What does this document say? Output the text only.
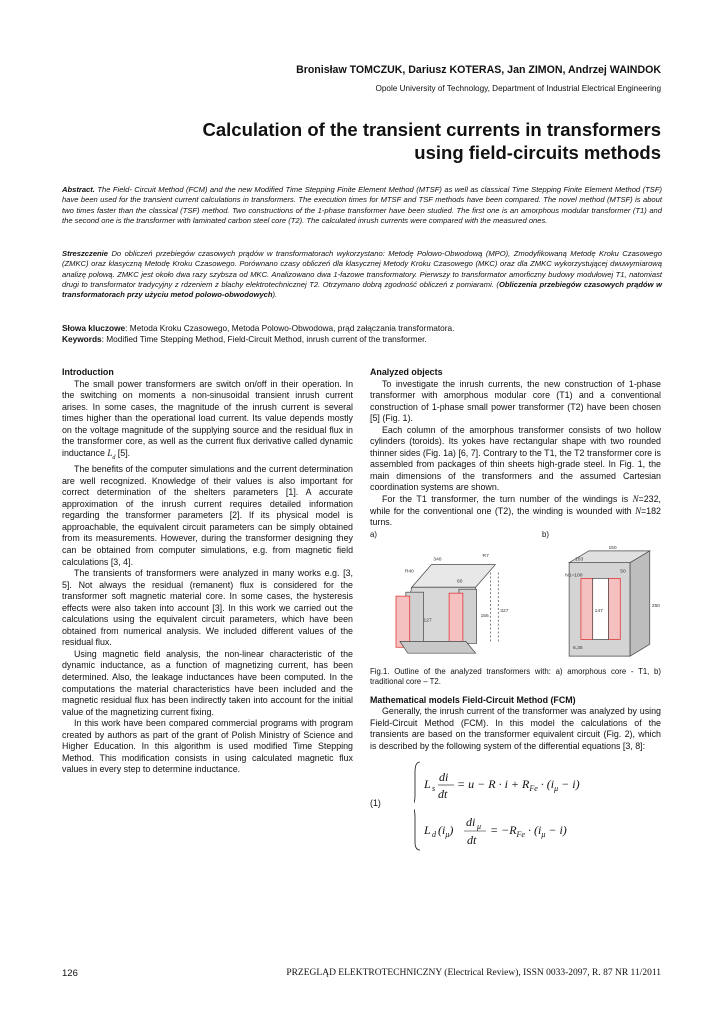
Bronisław TOMCZUK, Dariusz KOTERAS, Jan ZIMON, Andrzej WAINDOK
Opole University of Technology, Department of Industrial Electrical Engineering
Calculation of the transient currents in transformers
using field-circuits methods
Abstract. The Field- Circuit Method (FCM) and the new Modified Time Stepping Finite Element Method (MTSF) as well as classical Time Stepping Finite Element Method (TSF) have been used for the transient current calculations in transformers. The execution times for MTSF and TSF methods have been compared. The novel method (MTSF) is about two times faster than the classical (TSF) method. Two constructions of the 1-phase transformer have been studied. The first one is an amorphous modular transformer (T1) and the second one is the transformer with laminated carbon steel core (T2). The calculated inrush currents were compared with the measured ones.
Streszczenie Do obliczeń przebiegów czasowych prądów w transformatorach wykorzystano: Metodę Polowo-Obwodową (MPO), Zmodyfikowaną Metodę Kroku Czasowego (ZMKC) oraz klasyczną Metodę Kroku Czasowego. Porównano czasy obliczeń dla klasycznej Metody Kroku Czasowego (MKC) oraz dla ZMKC wykorzystującej dwuwymiarową analizę polową. ZMKC jest około dwa razy szybsza od MKC. Analizowano dwa 1-fazowe transformatory. Pierwszy to transformator amorficzny budowy modułowej T1, natomiast drugi to transformator tradycyjny z rdzeniem z blachy elektrotechnicznej T2. Otrzymano dobrą zgodność obliczeń z pomiarami. (Obliczenia przebiegów czasowych prądów w transformatorach przy użyciu metod polowo-obwodowych).
Słowa kluczowe: Metoda Kroku Czasowego, Metoda Polowo-Obwodowa, prąd załączania transformatora.
Keywords: Modified Time Stepping Method, Field-Circuit Method, inrush current of the transformer.
Introduction

The small power transformers are switch on/off in their operation. In the switching on moments a non-sinusoidal transient inrush current arises. In some cases, the magnitude of the inrush current is several times higher than the operational load current. Its value depends mostly on the voltage magnitude of the supplying source and the residual flux in the transformer core, as well as the current flux derivative called dynamic inductance $L_d$ [5].

The benefits of the computer simulations and the current determination are well recognized. Knowledge of their values is also important for correct determination of the shelters parameters [1]. A accurate approximation of the inrush current requires detailed information regarding the transformer parameters [2]. If its physical model is approachable, the equivalent circuit parameters can be simply obtained from its measurements. However, during the transformer designing they can be obtained from computer simulations, e.g. from magnetic field calculations [3, 4].

The transients of transformers were analyzed in many works e.g. [3, 5]. Not always the residual (remanent) flux is considered for the transformer soft magnetic material core. In some cases, the hysteresis effects were also taken into account [3]. In this work we carried out the calculations using the equivalent circuit parameters, which have been obtained from numerical analysis. We included different values of the residual flux.

Using magnetic field analysis, the non-linear characteristic of the dynamic inductance, as a function of magnetizing current, has been determined. Also, the leakage inductances have been computed. In the computations the material characteristics have been included and the magnetic residual flux has been indirectly taken into account for the initial value of the magnetizing current fixing.

In this work have been compared commercial programs with program created by authors as part of the grant of Polish Ministry of Science and Higher Education. In this algorithm is used modified Time Stepping Method. This modification consists in using calculated magnetic flux values in every step to determine inductance.

Analyzed objects

To investigate the inrush currents, the new construction of 1-phase transformer with amorphous modular core (T1) and a conventional construction of 1-phase small power transformer (T2) have been chosen [5] (Fig. 1).

Each column of the amorphous transformer consists of two hollow cylinders (toroids). Its yokes have rectangular shape with two rounded thinner sides (Fig. 1a) [6, 7]. Contrary to the T1, the T2 transformer core is assembled from packages of thin sheets high-grade steel. In Fig. 1, the main dimensions of the transformers and the assumed Cartesian coordination systems are shown.

For the T1 transformer, the turn number of the windings is N=232, while for the conventional one (T2), the winding is wounded with N=182 turns.

a)	b)
R40
340
R7
60
156
127
327
150
103
50
N1=100
147
250
6,35

Fig.1. Outline of the analyzed transformers with: a) amorphous core - T1, b) traditional core – T2.

Mathematical models Field-Circuit Method (FCM)

Generally, the inrush current of the transformer was analyzed by using Field-Circuit Method (FCM). In this model the calculations of the transients are based on the transformer equivalent circuit (Fig. 2), which is described by the following system of the differential equations [3, 8]:

(1)
L s
di
dt
= $u - R \cdot i + R_{Fe} \cdot (i_\mu - i)$
L d $(i_\mu)$
di μ
dt
= $-R_{Fe} \cdot (i_\mu - i)$
126	PRZEGLĄD ELEKTROTECHNICZNY (Electrical Review), ISSN 0033-2097, R. 87 NR 11/2011
